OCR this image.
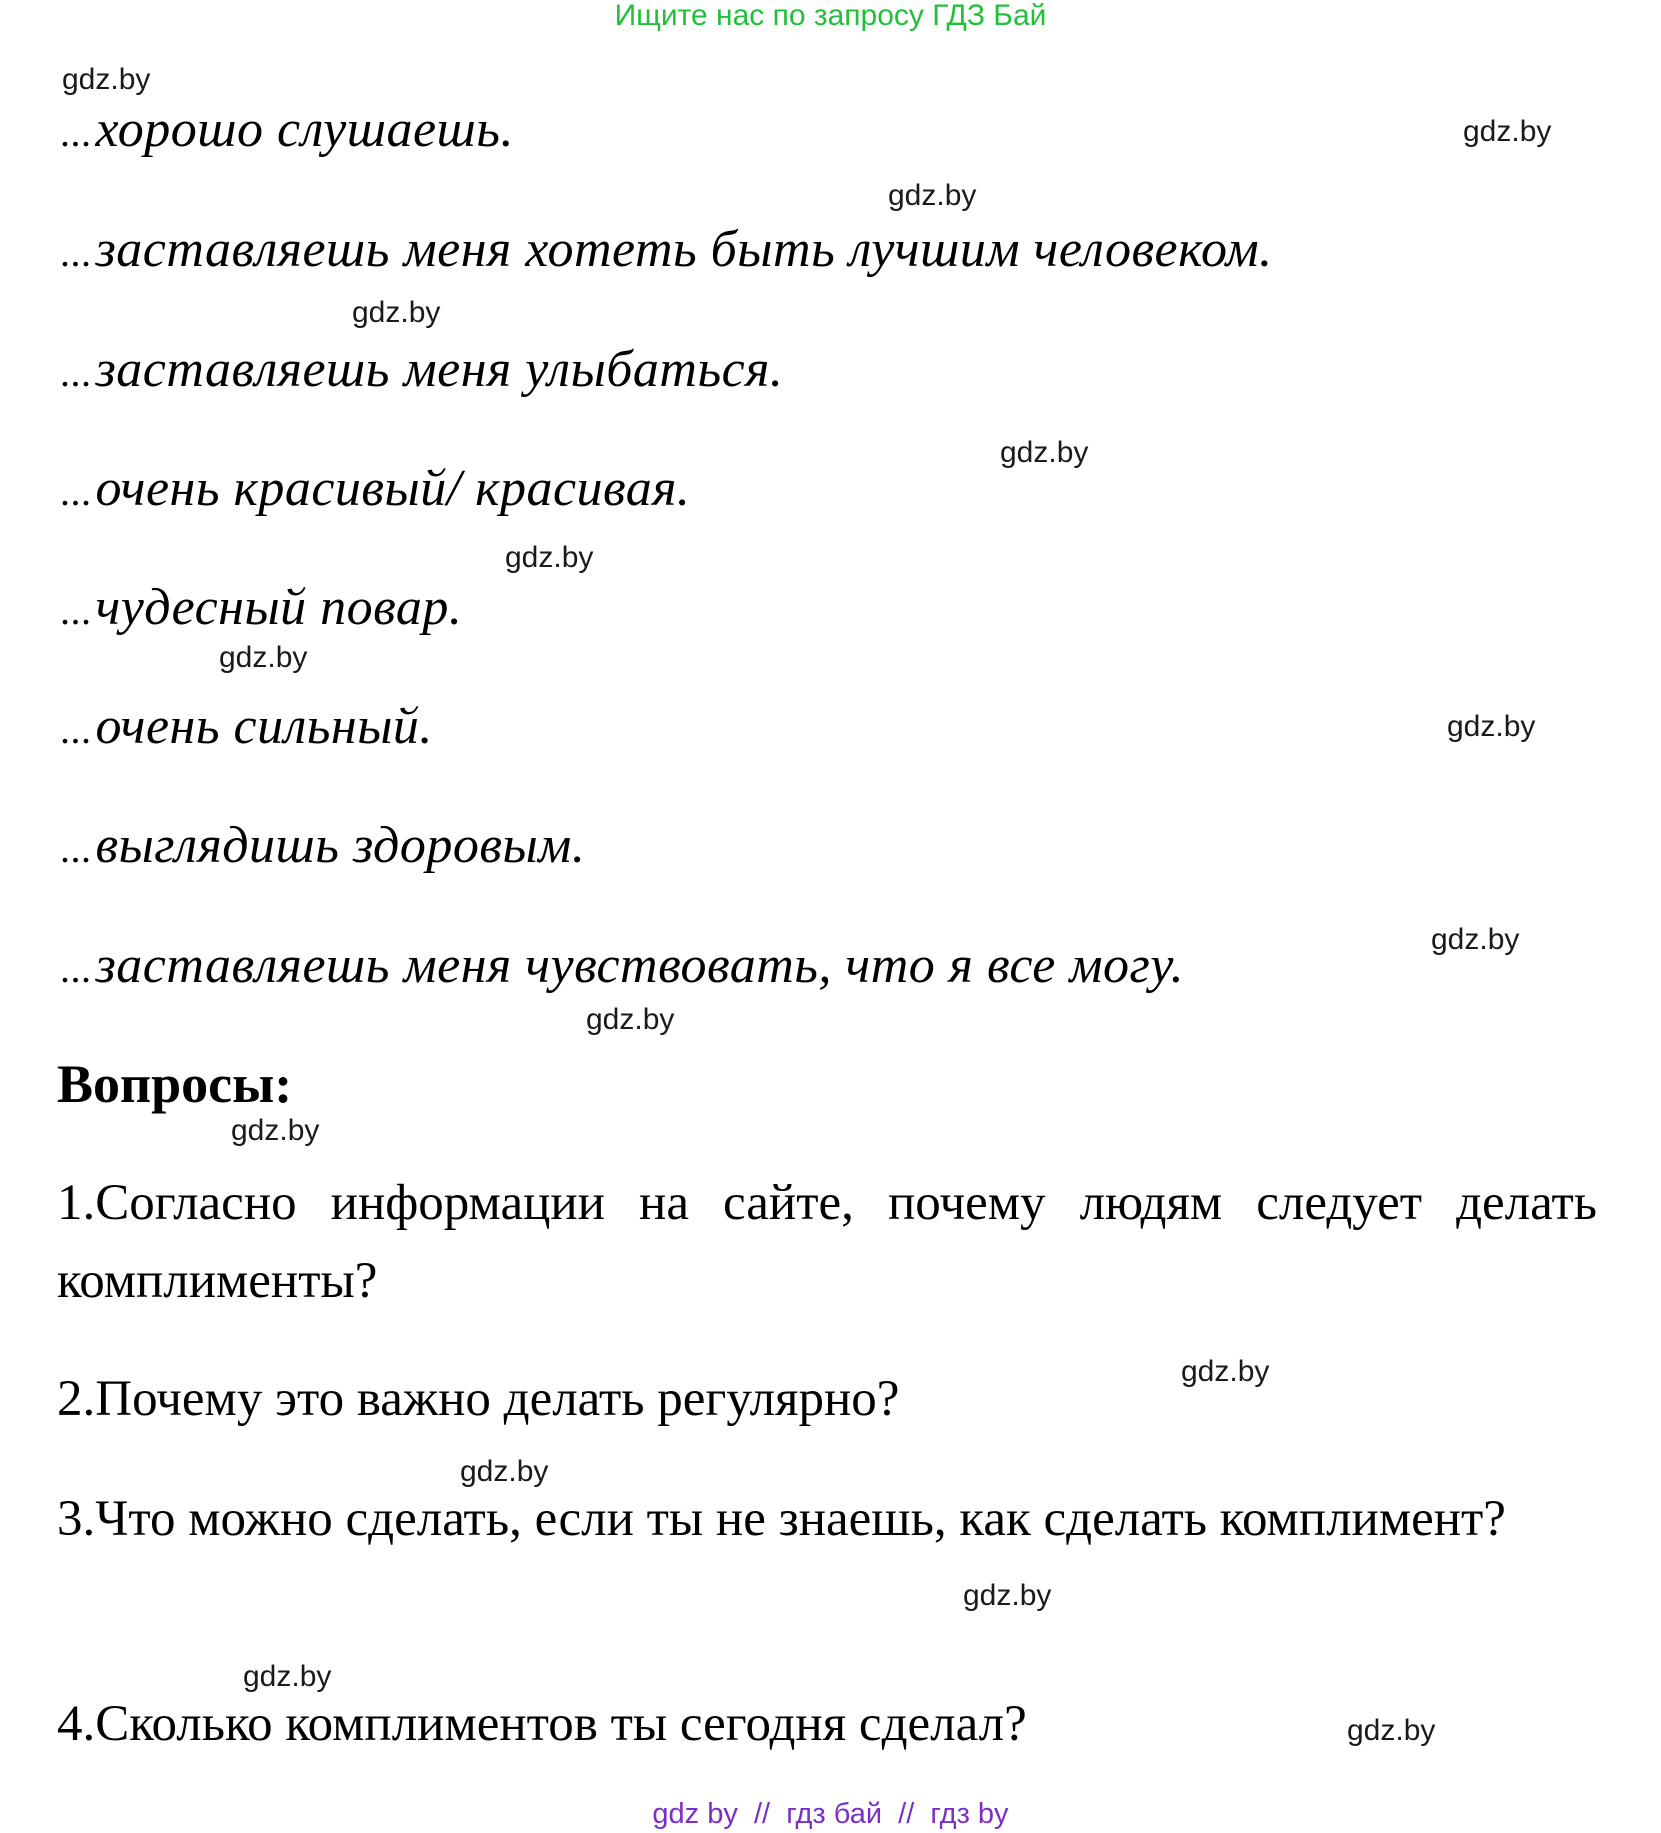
Ищите нас по запросу ГДЗ Бай
gdz.by
gdz.by
gdz.by
gdz.by
gdz.by
gdz.by
gdz.by
gdz.by
gdz.by
gdz.by
gdz.by
gdz.by
gdz.by
gdz.by
gdz.by
gdz.by
...хорошо слушаешь.
...заставляешь меня хотеть быть лучшим человеком.
...заставляешь меня улыбаться.
...очень красивый/ красивая.
...чудесный повар.
...очень сильный.
...выглядишь здоровым.
...заставляешь меня чувствовать, что я все могу.
Вопросы:
1.Согласно информации на сайте, почему людям следует делать комплименты?
2.Почему это важно делать регулярно?
3.Что можно сделать, если ты не знаешь, как сделать комплимент?
4.Сколько комплиментов ты сегодня сделал?
gdz by  //  гдз бай  //  гдз by
